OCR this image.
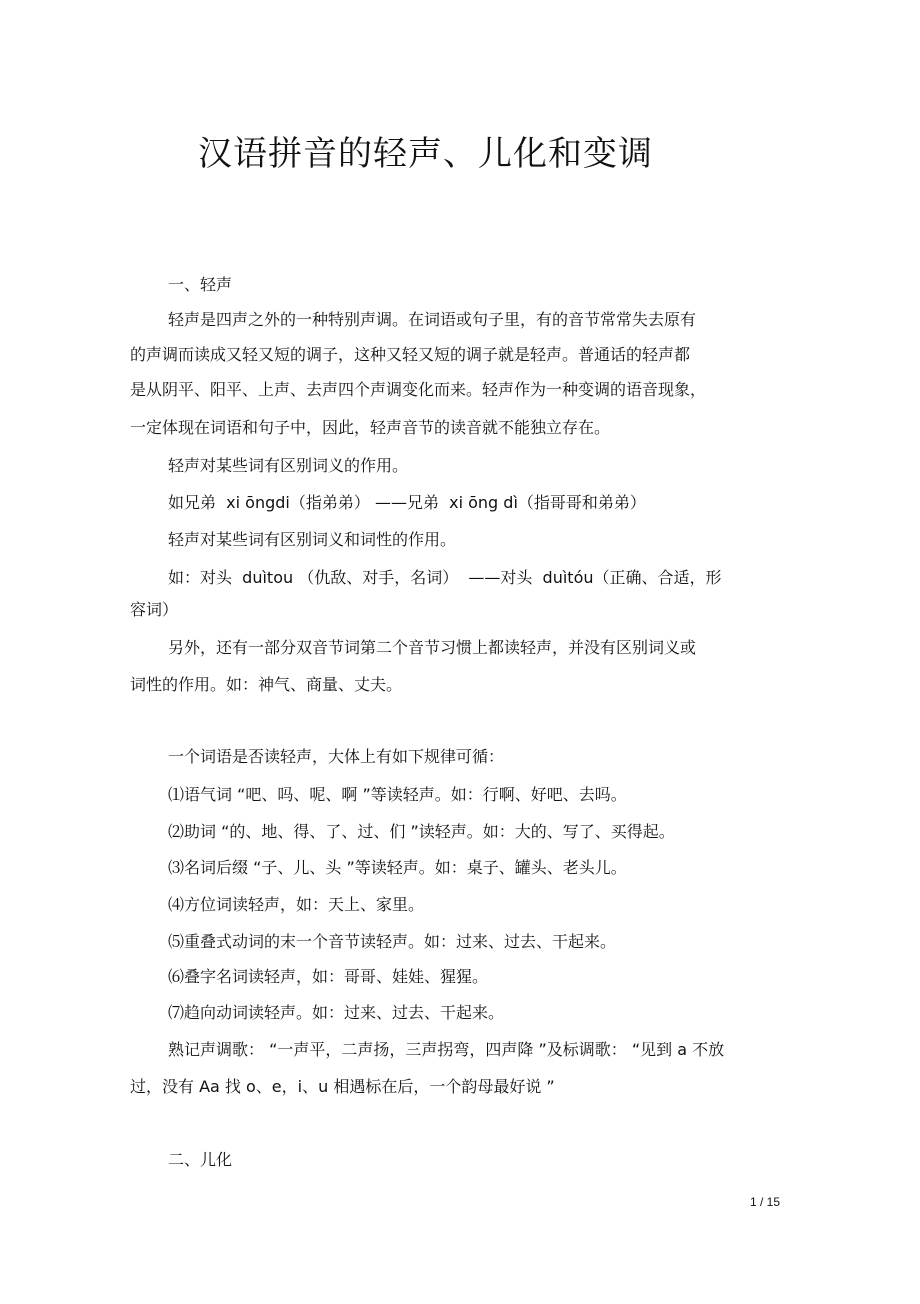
汉语拼音的轻声、儿化和变调
一、轻声
轻声是四声之外的一种特别声调。在词语或句子里，有的音节常常失去原有
的声调而读成又轻又短的调子，这种又轻又短的调子就是轻声。普通话的轻声都
是从阴平、阳平、上声、去声四个声调变化而来。轻声作为一种变调的语音现象，
一定体现在词语和句子中，因此，轻声音节的读音就不能独立存在。
轻声对某些词有区别词义的作用。
如兄弟  xi ōngdi（指弟弟） ——兄弟  xi ōng dì（指哥哥和弟弟）
轻声对某些词有区别词义和词性的作用。
如：对头  duìtou （仇敌、对手，名词）  ——对头  duìtóu（正确、合适，形
容词）
另外，还有一部分双音节词第二个音节习惯上都读轻声，并没有区别词义或
词性的作用。如：神气、商量、丈夫。
一个词语是否读轻声，大体上有如下规律可循：
⑴语气词 “吧、吗、呢、啊 ”等读轻声。如：行啊、好吧、去吗。
⑵助词 “的、地、得、了、过、们 ”读轻声。如：大的、写了、买得起。
⑶名词后缀 “子、儿、头 ”等读轻声。如：桌子、罐头、老头儿。
⑷方位词读轻声，如：天上、家里。
⑸重叠式动词的末一个音节读轻声。如：过来、过去、干起来。
⑹叠字名词读轻声，如：哥哥、娃娃、猩猩。
⑺趋向动词读轻声。如：过来、过去、干起来。
熟记声调歌： “一声平，二声扬，三声拐弯，四声降 ”及标调歌： “见到 a 不放
过，没有 Aa 找 o、e，i、u 相遇标在后，一个韵母最好说 ”
二、儿化
1 / 15
